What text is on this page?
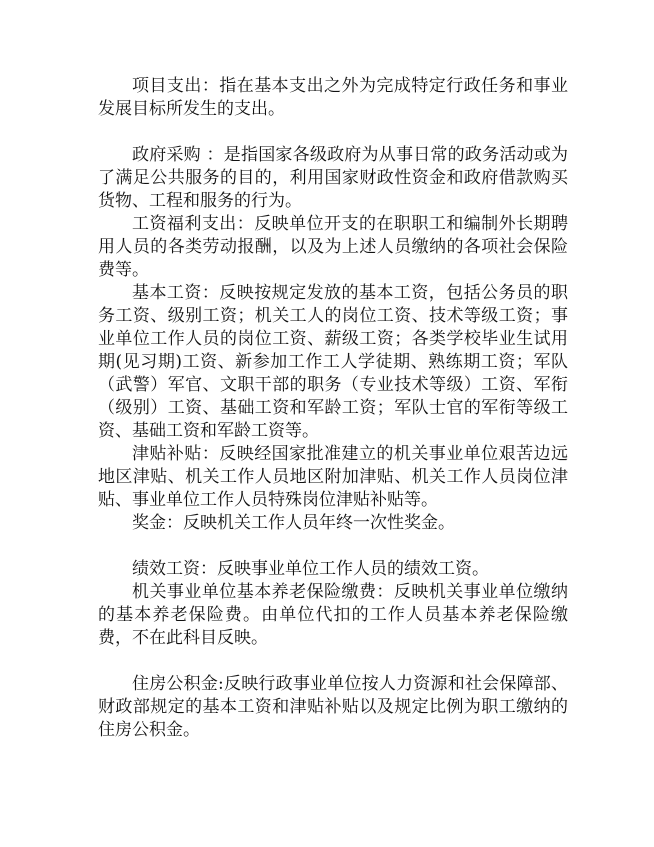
项目支出：指在基本支出之外为完成特定行政任务和事业发展目标所发生的支出。

政府采购 ：是指国家各级政府为从事日常的政务活动或为了满足公共服务的目的，利用国家财政性资金和政府借款购买货物、工程和服务的行为。

工资福利支出：反映单位开支的在职职工和编制外长期聘用人员的各类劳动报酬，以及为上述人员缴纳的各项社会保险费等。

基本工资：反映按规定发放的基本工资，包括公务员的职务工资、级别工资；机关工人的岗位工资、技术等级工资；事业单位工作人员的岗位工资、薪级工资；各类学校毕业生试用期(见习期)工资、新参加工作工人学徒期、熟练期工资；军队（武警）军官、文职干部的职务（专业技术等级）工资、军衔（级别）工资、基础工资和军龄工资；军队士官的军衔等级工资、基础工资和军龄工资等。

津贴补贴：反映经国家批准建立的机关事业单位艰苦边远地区津贴、机关工作人员地区附加津贴、机关工作人员岗位津贴、事业单位工作人员特殊岗位津贴补贴等。

奖金：反映机关工作人员年终一次性奖金。

绩效工资：反映事业单位工作人员的绩效工资。

机关事业单位基本养老保险缴费：反映机关事业单位缴纳的基本养老保险费。由单位代扣的工作人员基本养老保险缴费，不在此科目反映。

住房公积金:反映行政事业单位按人力资源和社会保障部、财政部规定的基本工资和津贴补贴以及规定比例为职工缴纳的住房公积金。
